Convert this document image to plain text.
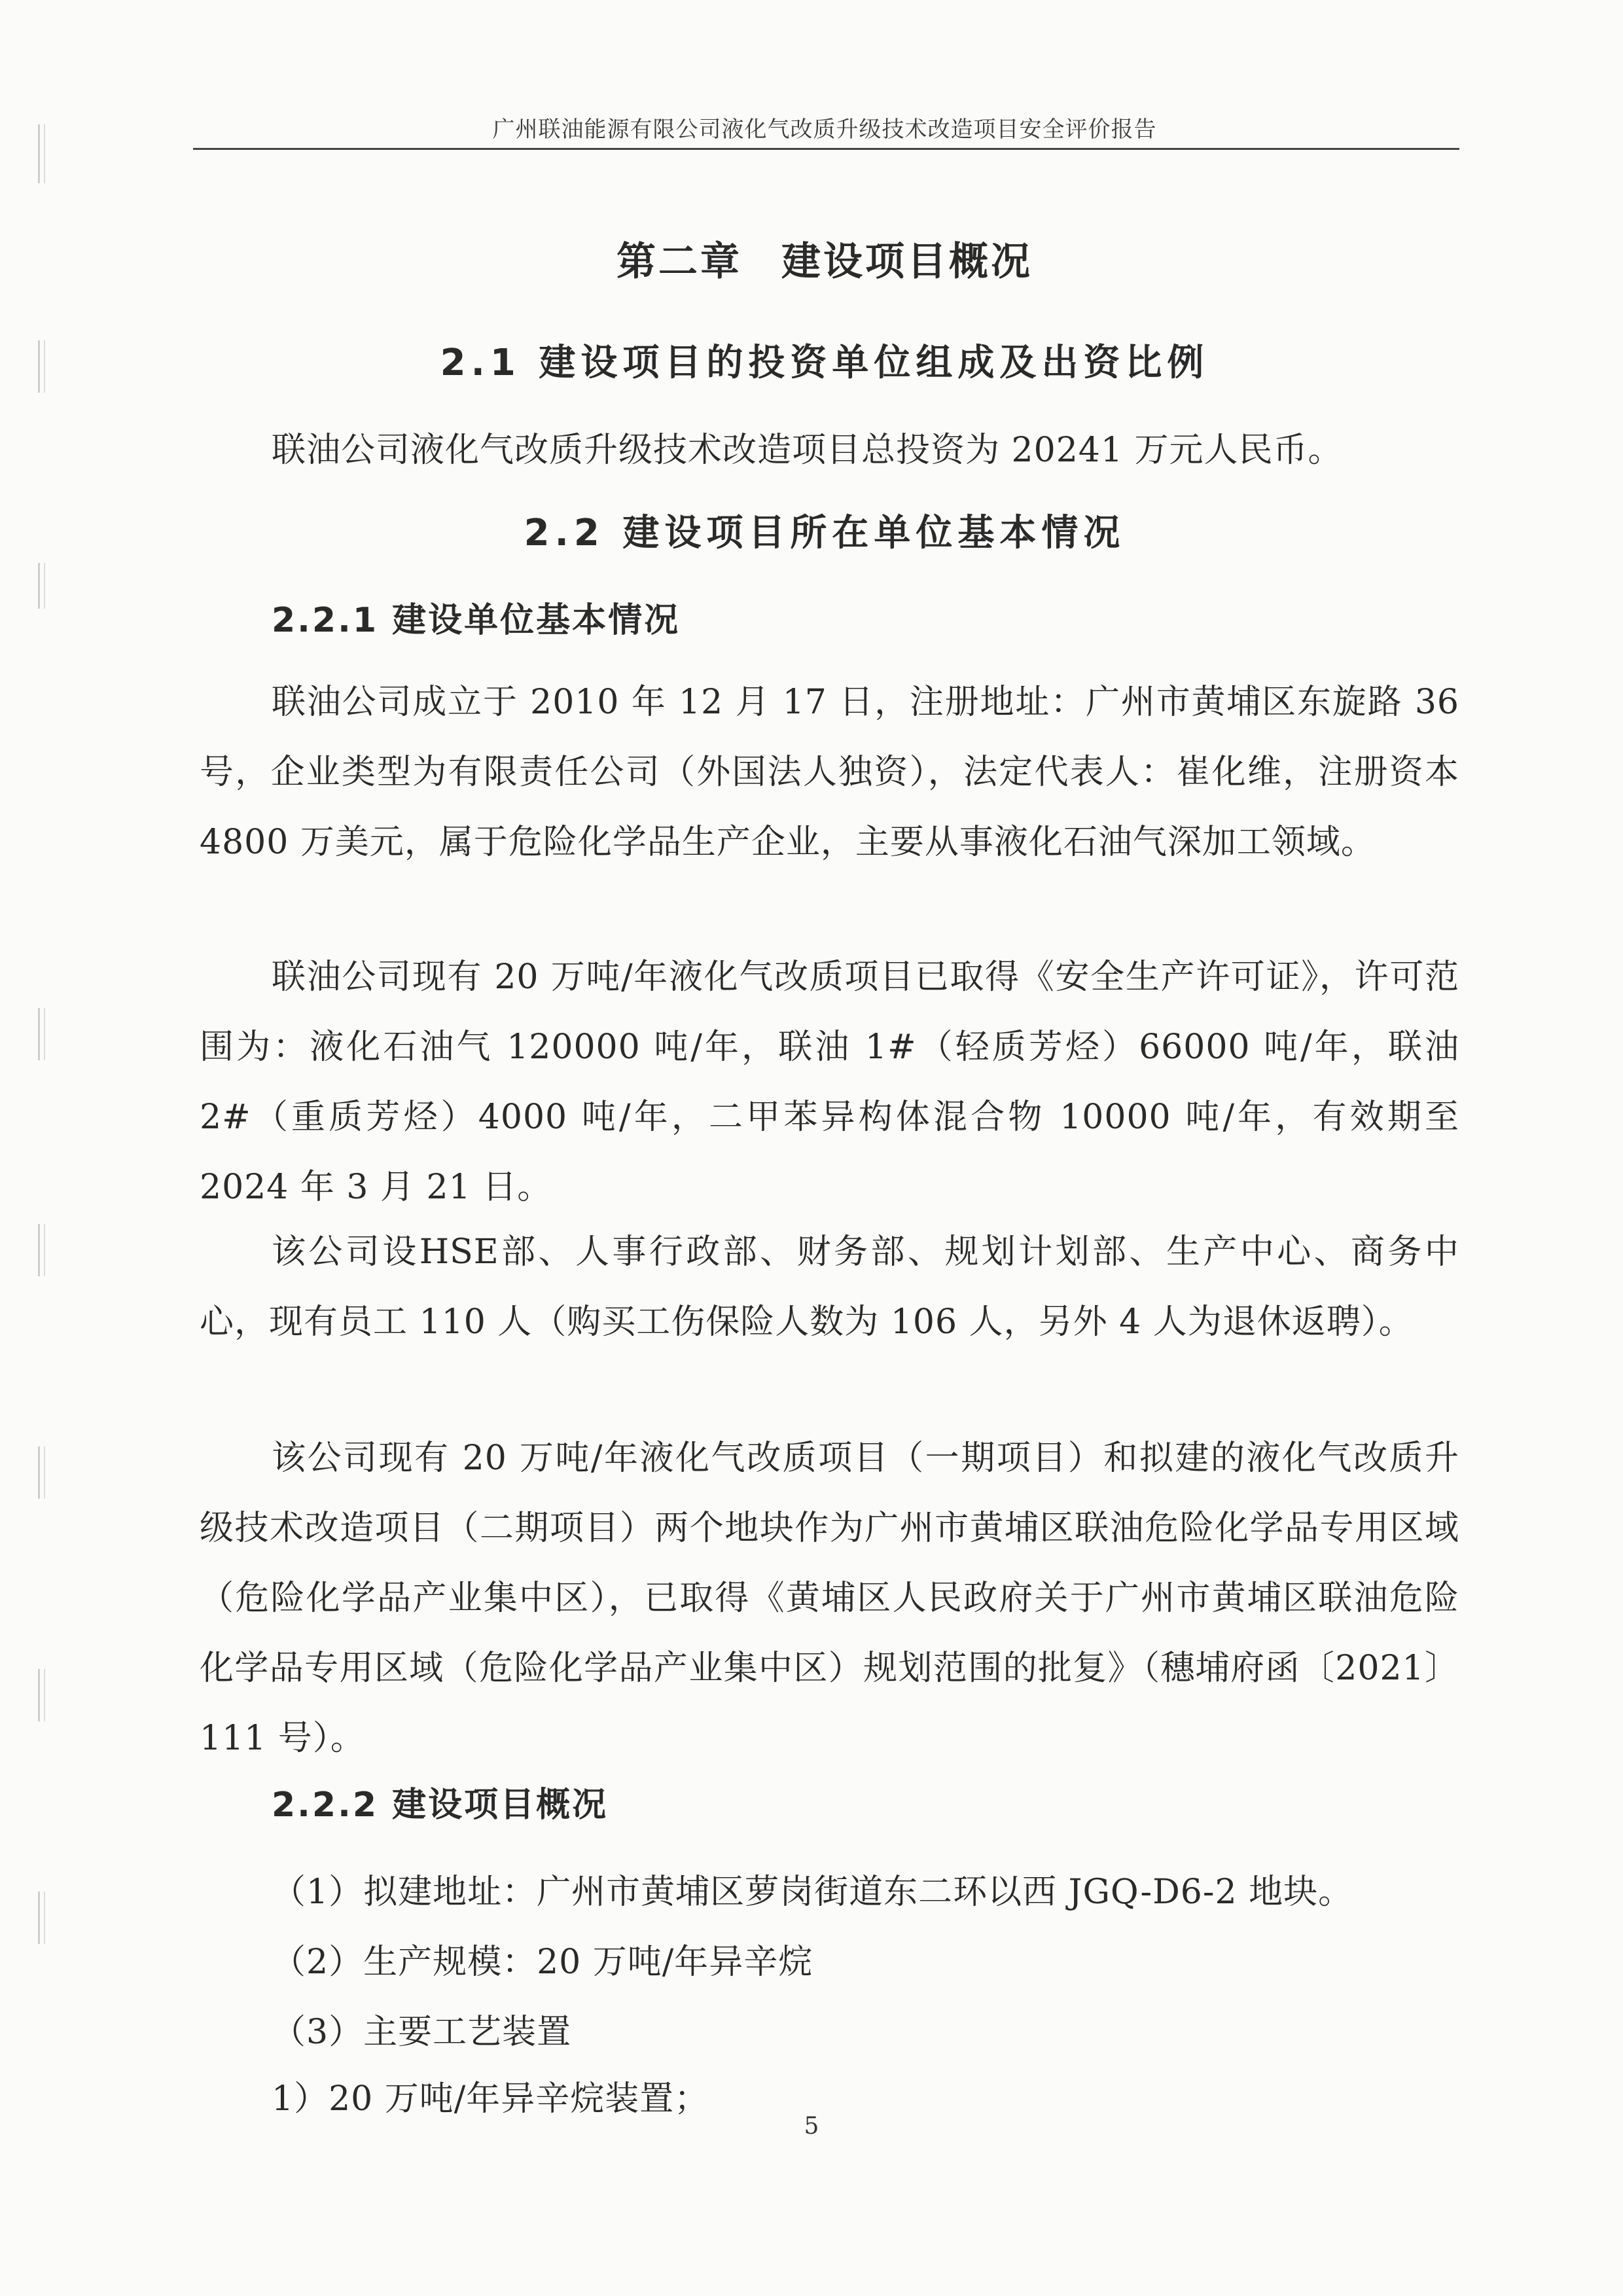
广州联油能源有限公司液化气改质升级技术改造项目安全评价报告
第二章 建设项目概况
2.1 建设项目的投资单位组成及出资比例
联油公司液化气改质升级技术改造项目总投资为 20241 万元人民币。
2.2 建设项目所在单位基本情况
2.2.1 建设单位基本情况
联油公司成立于 2010 年 12 月 17 日，注册地址：广州市黄埔区东旋路 36 号，企业类型为有限责任公司（外国法人独资），法定代表人：崔化维，注册资本 4800 万美元，属于危险化学品生产企业，主要从事液化石油气深加工领域。
联油公司现有 20 万吨/年液化气改质项目已取得《安全生产许可证》，许可范围为：液化石油气 120000 吨/年，联油 1#（轻质芳烃）66000 吨/年，联油 2#（重质芳烃）4000 吨/年，二甲苯异构体混合物 10000 吨/年，有效期至 2024 年 3 月 21 日。
该公司设HSE部、人事行政部、财务部、规划计划部、生产中心、商务中心，现有员工 110 人（购买工伤保险人数为 106 人，另外 4 人为退休返聘）。
该公司现有 20 万吨/年液化气改质项目（一期项目）和拟建的液化气改质升级技术改造项目（二期项目）两个地块作为广州市黄埔区联油危险化学品专用区域（危险化学品产业集中区），已取得《黄埔区人民政府关于广州市黄埔区联油危险化学品专用区域（危险化学品产业集中区）规划范围的批复》（穗埔府函〔2021〕111 号）。
2.2.2 建设项目概况
（1）拟建地址：广州市黄埔区萝岗街道东二环以西 JGQ-D6-2 地块。
（2）生产规模：20 万吨/年异辛烷
（3）主要工艺装置
1）20 万吨/年异辛烷装置；
5
